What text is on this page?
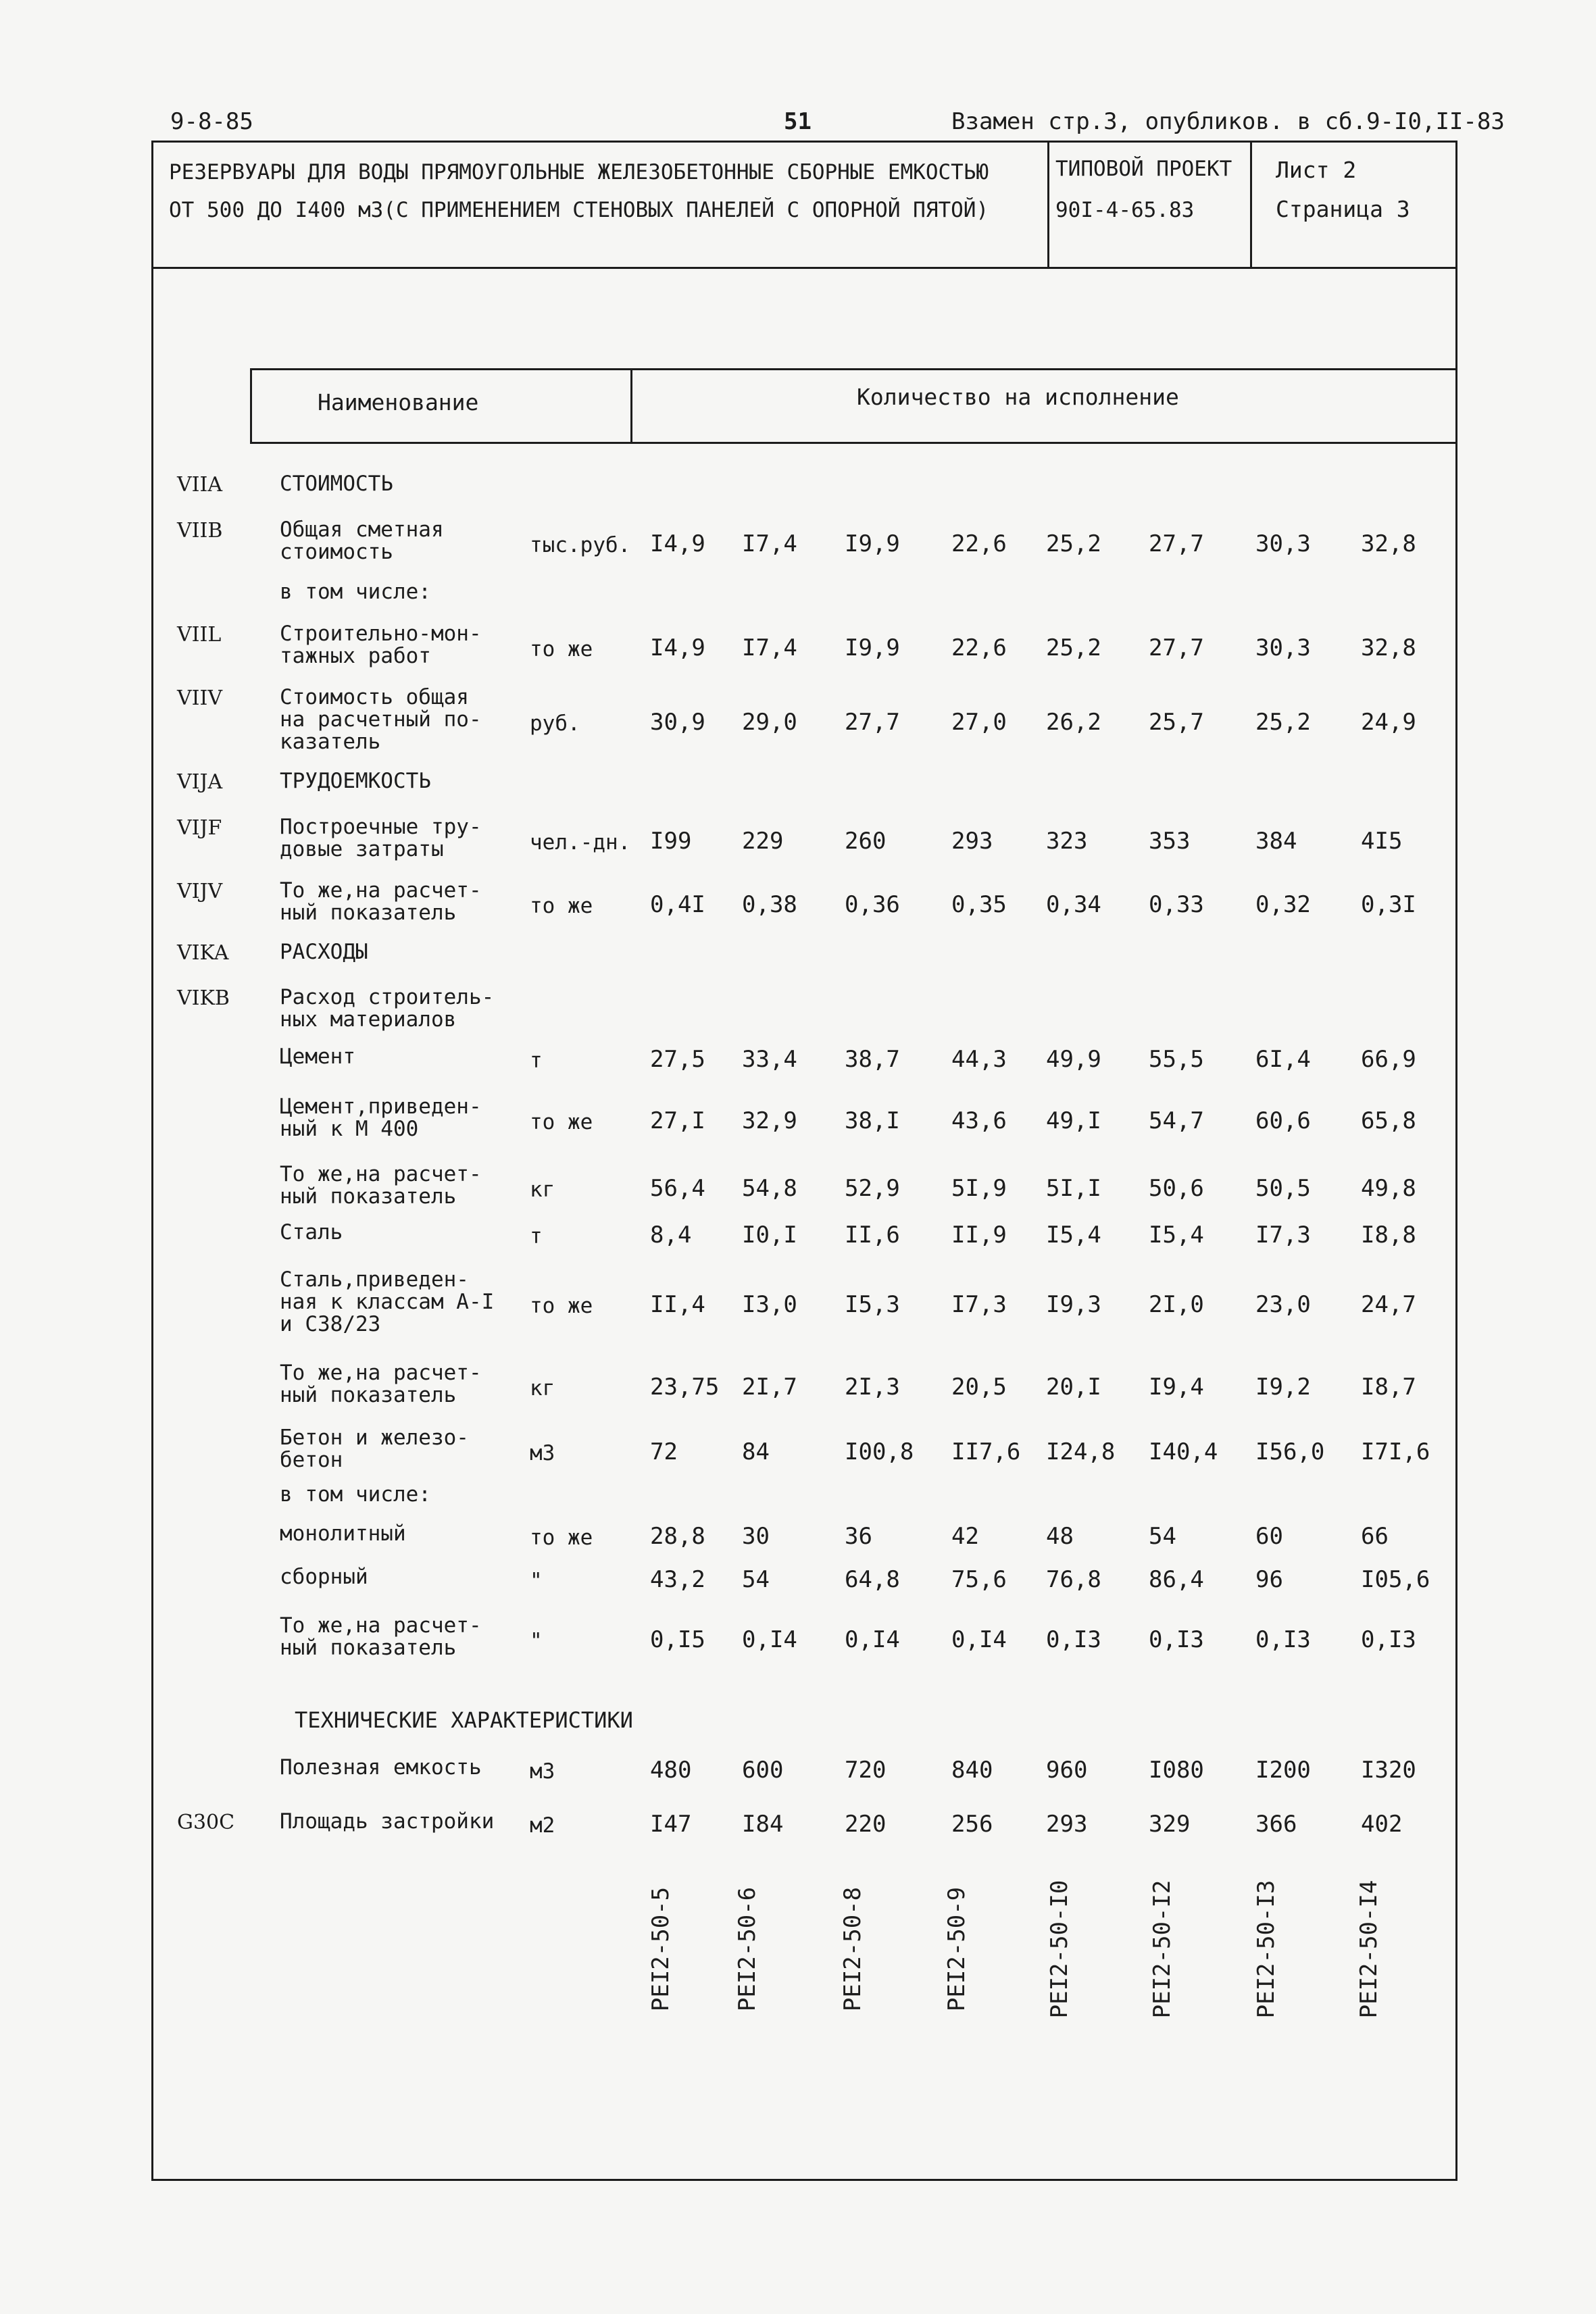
9-8-85	51	Взамен стр.3, опубликов. в сб.9-I0,II-83
РЕЗЕРВУАРЫ ДЛЯ ВОДЫ ПРЯМОУГОЛЬНЫЕ ЖЕЛЕЗОБЕТОННЫЕ СБОРНЫЕ ЕМКОСТЬЮ
ОТ 500 ДО I400 м3(С ПРИМЕНЕНИЕМ СТЕНОВЫХ ПАНЕЛЕЙ С ОПОРНОЙ ПЯТОЙ)
ТИПОВОЙ ПРОЕКТ
90I-4-65.83
Лист 2
Страница 3
Наименование	Количество на исполнение
VIIA	СТОИМОСТЬ
VIIB	Общая сметная
стоимость	тыс.руб. I4,9 I7,4 I9,9 22,6 25,2 27,7 30,3 32,8
в том числе:
VIIL	Строительно-мон-
тажных работ	то же I4,9 I7,4 I9,9 22,6 25,2 27,7 30,3 32,8
VIIV	Стоимость общая
на расчетный по-
казатель
руб.	30,9 29,0 27,7 27,0 26,2 25,7 25,2 24,9
VIJA	ТРУДОЕМКОСТЬ
VIJF	Построечные тру-
довые затраты	чел.-дн. I99 229	260	293 323	353	384	4I5
VIJV	То же,на расчет-
ный показатель	то же 0,4I 0,38 0,36 0,35 0,34 0,33 0,32 0,3I
VIKA РАСХОДЫ
VIKB Расход строитель-
ных материалов
Цемент	т	27,5 33,4 38,7 44,3 49,9 55,5 6I,4 66,9
Цемент,приведен-
ный к М 400	то же 27,I 32,9 38,I 43,6 49,I 54,7 60,6 65,8
То же,на расчет-
ный показатель	кг	56,4 54,8 52,9 5I,9 5I,I 50,6 50,5 49,8
Сталь	т	8,4 I0,I II,6 II,9 I5,4 I5,4 I7,3 I8,8
Сталь,приведен-
ная к классам А-I
и С38/23
то же II,4 I3,0 I5,3 I7,3 I9,3 2I,0 23,0 24,7
То же,на расчет-
ный показатель	кг	23,75 2I,7 2I,3 20,5 20,I I9,4 I9,2 I8,7
Бетон и железо-
бетон	м3	72	84	I00,8 II7,6 I24,8 I40,4 I56,0 I7I,6
в том числе:
монолитный	то же 28,8 30	36	42	48	54	60	66
сборный	"	43,2 54	64,8 75,6 76,8 86,4 96	I05,6
То же,на расчет-
ный показатель	"	0,I5 0,I4 0,I4 0,I4 0,I3 0,I3 0,I3 0,I3
ТЕХНИЧЕСКИЕ ХАРАКТЕРИСТИКИ
Полезная емкость м3	480 600	720	840 960	I080 I200 I320
G30C Площадь застройки м2	I47 I84	220	256 293	329	366	402
РЕI2-50-5	РЕI2-50-6	РЕI2-50-8	РЕI2-50-9	РЕI2-50-I0	РЕI2-50-I2	РЕI2-50-I3	РЕI2-50-I4
